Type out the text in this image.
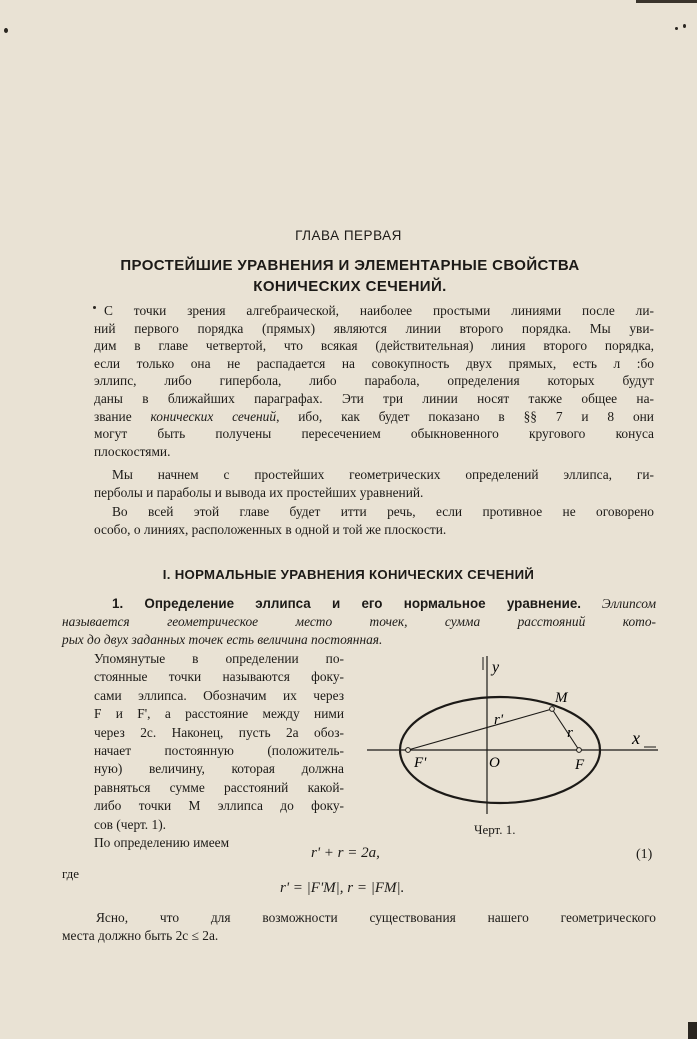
ГЛАВА ПЕРВАЯ
ПРОСТЕЙШИЕ УРАВНЕНИЯ И ЭЛЕМЕНТАРНЫЕ СВОЙСТВА
КОНИЧЕСКИХ СЕЧЕНИЙ.
С точки зрения алгебраической, наиболее простыми линиями после ли-
ний первого порядка (прямых) являются линии второго порядка. Мы уви-
дим в главе четвертой, что всякая (действительная) линия второго порядка,
если только она не распадается на совокупность двух прямых, есть л :бо
эллипс, либо гипербола, либо парабола, определения которых будут
даны в ближайших параграфах. Эти три линии носят также общее на-
звание конических сечений, ибо, как будет показано в §§ 7 и 8 они
могут быть получены пересечением обыкновенного кругового конуса
плоскостями.
Мы начнем с простейших геометрических определений эллипса, ги-
перболы и параболы и вывода их простейших уравнений.
Во всей этой главе будет итти речь, если противное не оговорено
особо, о линиях, расположенных в одной и той же плоскости.
I. НОРМАЛЬНЫЕ УРАВНЕНИЯ КОНИЧЕСКИХ СЕЧЕНИЙ
1. Определение эллипса и его нормальное уравнение. Эллипсом
называется геометрическое место точек, сумма расстояний кото-
рых до двух заданных точек есть величина постоянная.
Упомянутые в определении по-
стоянные точки называются фоку-
сами эллипса. Обозначим их через
F и F', а расстояние между ними
через 2c. Наконец, пусть 2a обоз-
начает постоянную (положитель-
ную) величину, которая должна
равняться сумме расстояний какой-
либо точки M эллипса до фоку-
сов (черт. 1).
По определению имеем
y
x
M
r'
r
F'	O	F
Черт. 1.
r' + r = 2a,	(1)
где
r' = |F'M|, r = |FM|.
Ясно, что для возможности существования нашего геометрического
места должно быть 2c ≤ 2a.
